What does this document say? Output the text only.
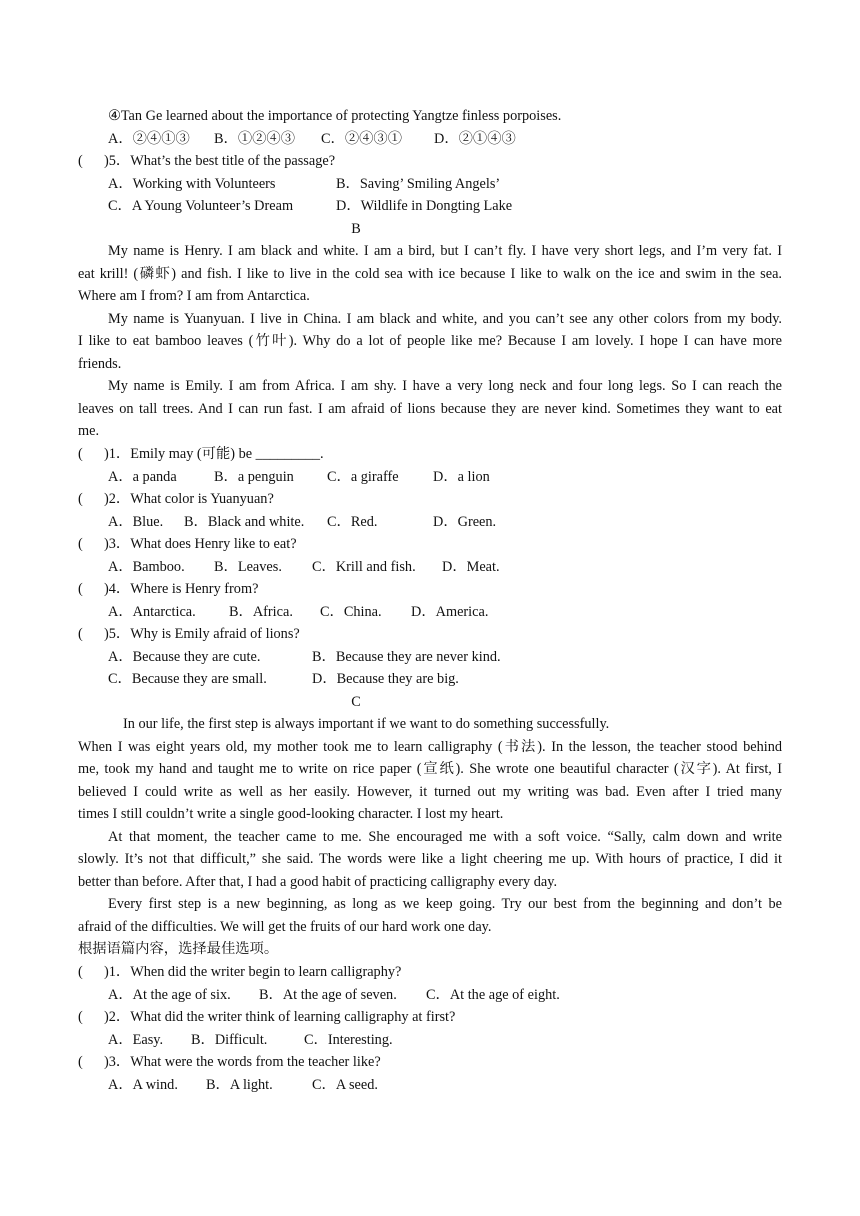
④Tan Ge learned about the importance of protecting Yangtze finless porpoises.
A．②④①③ B．①②④③ C．②④③① D．②①④③
(	)5．What’s the best title of the passage?
A．Working with Volunteers	B．Saving’ Smiling Angels’
C．A Young Volunteer’s Dream	D．Wildlife in Dongting Lake
B
My name is Henry. I am black and white. I am a bird, but I can’t fly. I have very short legs, and I’m very fat. I
eat krill! (磷虾) and fish. I like to live in the cold sea with ice because I like to walk on the ice and swim in the sea.
Where am I from? I am from Antarctica.
My name is Yuanyuan. I live in China. I am black and white, and you can’t see any other colors from my body.
I like to eat bamboo leaves (竹叶). Why do a lot of people like me? Because I am lovely. I hope I can have more
friends.
My name is Emily. I am from Africa. I am shy. I have a very long neck and four long legs. So I can reach the
leaves on tall trees. And I can run fast. I am afraid of lions because they are never kind. Sometimes they want to eat
me.
(	)1．Emily may (可能) be _________.
A．a panda	B．a penguin C．a giraffe D．a lion
(	)2．What color is Yuanyuan?
A．Blue. B．Black and white. C．Red.	D．Green.
(	)3．What does Henry like to eat?
A．Bamboo. B．Leaves. C．Krill and fish. D．Meat.
(	)4．Where is Henry from?
A．Antarctica. B．Africa. C．China. D．America.
(	)5．Why is Emily afraid of lions?
A．Because they are cute.	B．Because they are never kind.
C．Because they are small.	D．Because they are big.
C
In our life, the first step is always important if we want to do something successfully.
When I was eight years old, my mother took me to learn calligraphy (书法). In the lesson, the teacher stood behind
me, took my hand and taught me to write on rice paper (宣纸). She wrote one beautiful character (汉字). At first, I
believed I could write as well as her easily. However, it turned out my writing was bad. Even after I tried many
times I still couldn’t write a single good-looking character. I lost my heart.
At that moment, the teacher came to me. She encouraged me with a soft voice. “Sally, calm down and write
slowly. It’s not that difficult,” she said. The words were like a light cheering me up. With hours of practice, I did it
better than before. After that, I had a good habit of practicing calligraphy every day.
Every first step is a new beginning, as long as we keep going. Try our best from the beginning and don’t be
afraid of the difficulties. We will get the fruits of our hard work one day.
根据语篇内容，选择最佳选项。
(	)1．When did the writer begin to learn calligraphy?
A．At the age of six. B．At the age of seven. C．At the age of eight.
(	)2．What did the writer think of learning calligraphy at first?
A．Easy. B．Difficult.	C．Interesting.
(	)3．What were the words from the teacher like?
A．A wind. B．A light.	C．A seed.
